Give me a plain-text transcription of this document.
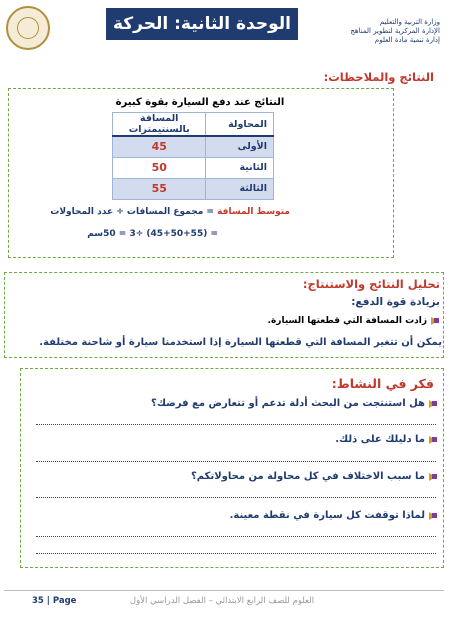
الوحدة الثانية: الحركة	وزارة التربية والتعليم
الإدارة المركزية لتطوير المناهج
إدارة تنمية مادة العلوم
النتائج والملاحظات:
النتائج عند دفع السيارة بقوة كبيرة
المحاولة	المسافة بالسنتيمترات
الأولى	45
الثانية	50
الثالثة	55
متوسط المسافة = مجموع المسافات ÷ عدد المحاولات
= (45+50+55) ÷3 = 50سم
تحليل النتائج والاستنتاج:
بزيادة قوة الدفع:
زادت المسافة التي قطعتها السيارة.
يمكن أن تتغير المسافة التي قطعتها السيارة إذا استخدمنا سيارة أو شاحنة مختلفة.
فكر في النشاط:
هل استنتجت من البحث أدلة تدعم أو تتعارض مع فرضك؟
ما دليلك على ذلك.
ما سبب الاختلاف في كل محاولة من محاولاتكم؟
لماذا توقفت كل سيارة في نقطة معينة.
35 | Page	العلوم للصف الرابع الابتدائي – الفصل الدراسي الأول
